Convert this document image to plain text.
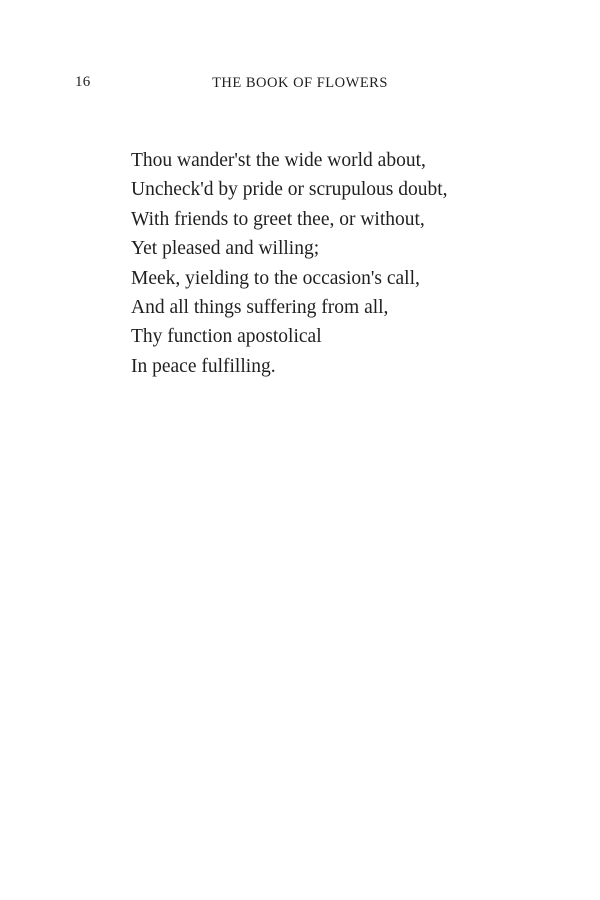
16	THE BOOK OF FLOWERS
Thou wander'st the wide world about,
Uncheck'd by pride or scrupulous doubt,
With friends to greet thee, or without,
Yet pleased and willing;
Meek, yielding to the occasion's call,
And all things suffering from all,
Thy function apostolical
In peace fulfilling.
